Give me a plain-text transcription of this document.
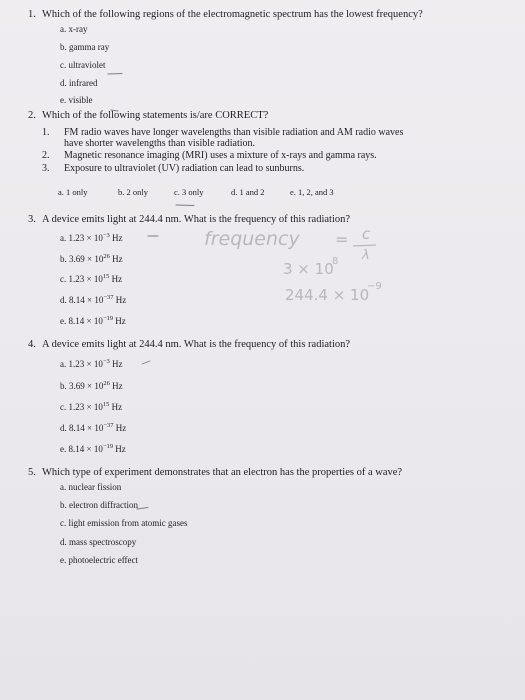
1. Which of the following regions of the electromagnetic spectrum has the lowest frequency?
a. x-ray
b. gamma ray
c. ultraviolet
d. infrared
e. visible
2. Which of the following statements is/are CORRECT?
1. FM radio waves have longer wavelengths than visible radiation and AM radio waves
have shorter wavelengths than visible radiation.
2. Magnetic resonance imaging (MRI) uses a mixture of x-rays and gamma rays.
3. Exposure to ultraviolet (UV) radiation can lead to sunburns.
a. 1 only	b. 2 only	c. 3 only	d. 1 and 2	e. 1, 2, and 3
3. A device emits light at 244.4 nm. What is the frequency of this radiation?
a. $1.23 \times 10^{-3}$ Hz
b. $3.69 \times 10^{26}$ Hz
c. $1.23 \times 10^{15}$ Hz
d. $8.14 \times 10^{-37}$ Hz
e. $8.14 \times 10^{-19}$ Hz
4. A device emits light at 244.4 nm. What is the frequency of this radiation?
a. $1.23 \times 10^{-3}$ Hz
b. $3.69 \times 10^{26}$ Hz
c. $1.23 \times 10^{15}$ Hz
d. $8.14 \times 10^{-37}$ Hz
e. $8.14 \times 10^{-19}$ Hz
5. Which type of experiment demonstrates that an electron has the properties of a wave?
a. nuclear fission
b. electron diffraction
c. light emission from atomic gases
d. mass spectroscopy
e. photoelectric effect
frequency = c
λ
3 × 10
8
244.4 × 10
−9
